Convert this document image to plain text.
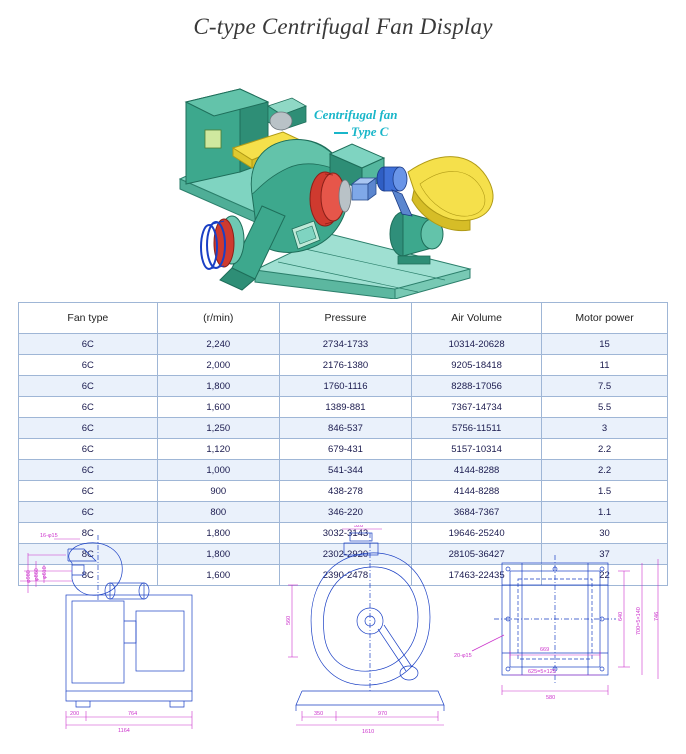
C-type Centrifugal Fan Display
Centrifugal fan
Type C
Fan type	(r/min)	Pressure	Air Volume	Motor power
6C	2,240	2734-1733	10314-20628	15
6C	2,000	2176-1380	9205-18418	11
6C	1,800	1760-1116	8288-17056	7.5
6C	1,600	1389-881	7367-14734	5.5
6C	1,250	846-537	5756-11511	3
6C	1,120	679-431	5157-10314	2.2
6C	1,000	541-344	4144-8288	2.2
6C	900	438-278	4144-8288	1.5
6C	800	346-220	3684-7367	1.1
8C	1,800	3032-3143	19646-25240	30
8C	1,800	2302-2920	28105-36427	37
8C	1,600	2390-2478	17463-22435	22
16-φ15
φ610
φ860
φ980
200	764
1164
528
560
350	970
1610
20-φ15
669
625=5×125
580
640 700=5×140 746
